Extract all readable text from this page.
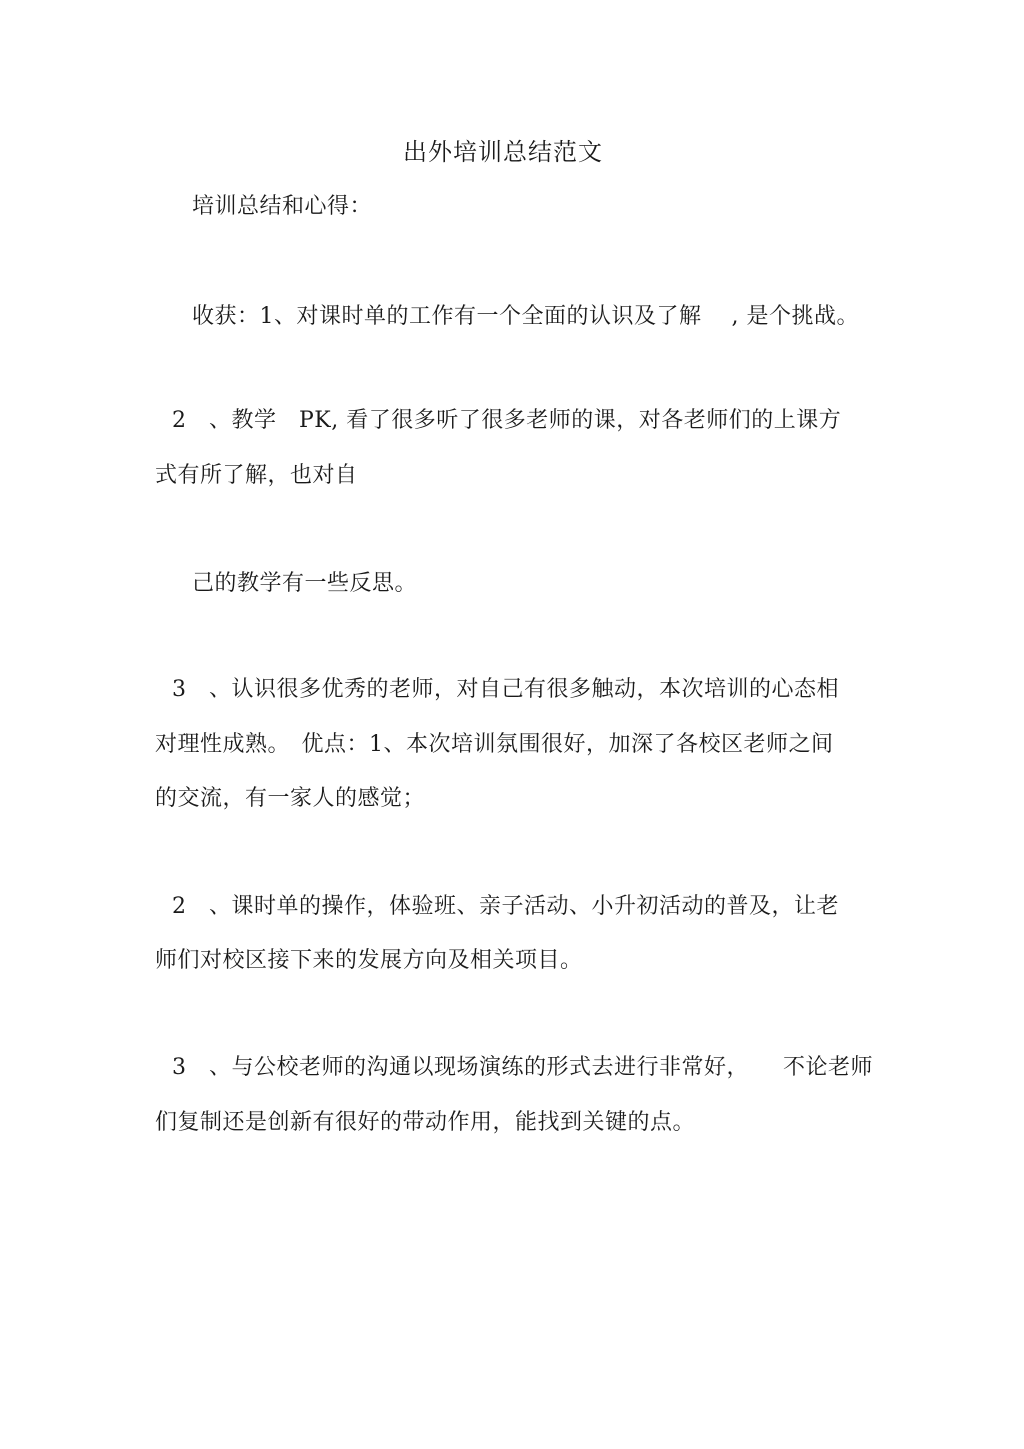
出外培训总结范文
培训总结和心得：
收获：1、对课时单的工作有一个全面的认识及了解　 , 是个挑战。
2　、教学　PK, 看了很多听了很多老师的课，对各老师们的上课方
式有所了解，也对自
己的教学有一些反思。
3　、认识很多优秀的老师，对自己有很多触动，本次培训的心态相
对理性成熟。　优点：1、本次培训氛围很好，加深了各校区老师之间
的交流，有一家人的感觉；
2　、课时单的操作，体验班、亲子活动、小升初活动的普及，让老
师们对校区接下来的发展方向及相关项目。
3　、与公校老师的沟通以现场演练的形式去进行非常好，　　不论老师
们复制还是创新有很好的带动作用，能找到关键的点。
